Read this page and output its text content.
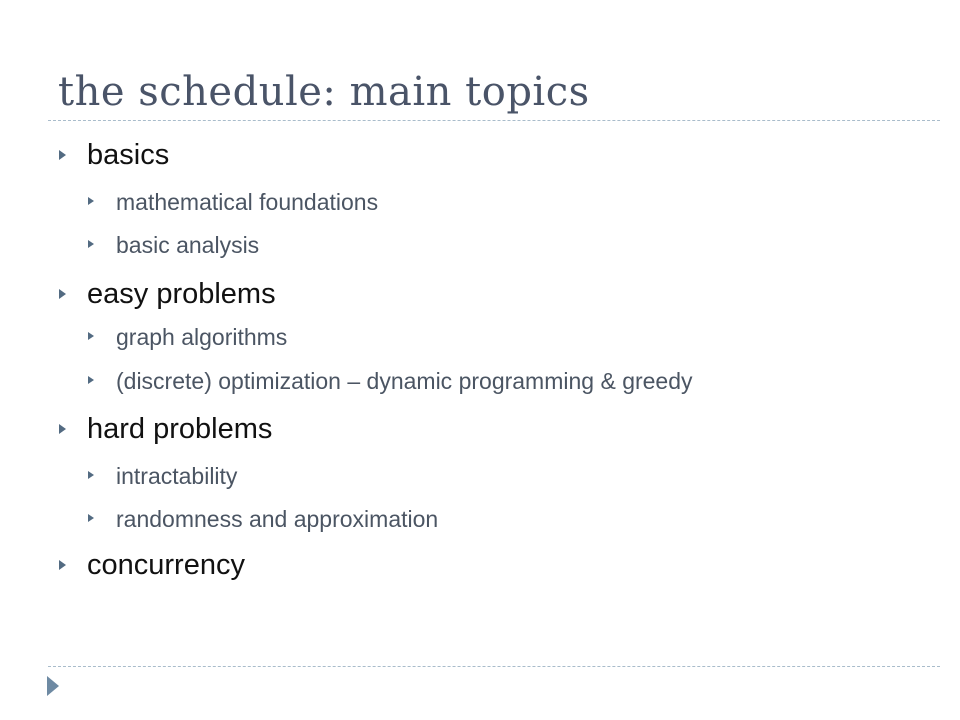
the schedule: main topics
basics
mathematical foundations
basic analysis
easy problems
graph algorithms
(discrete) optimization – dynamic programming & greedy
hard problems
intractability
randomness and approximation
concurrency
